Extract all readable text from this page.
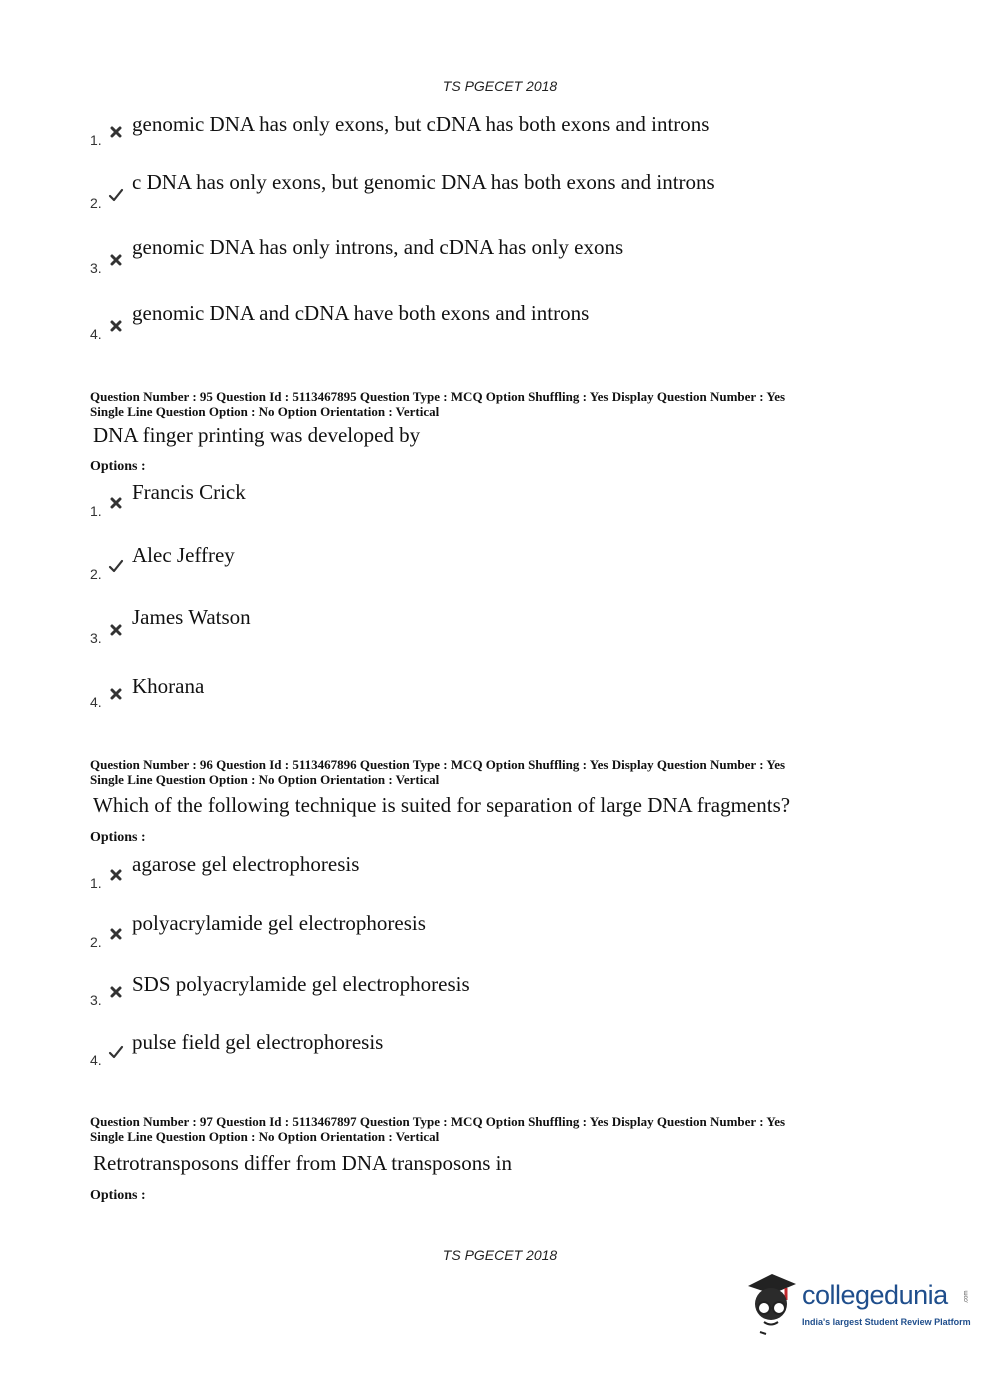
TS PGECET 2018
1.
genomic DNA has only exons, but cDNA has both exons and introns
2.
c DNA has only exons, but genomic DNA has both exons and introns
3.
genomic DNA has only introns, and cDNA has only exons
4.
genomic DNA and cDNA have both exons and introns
Question Number : 95 Question Id : 5113467895 Question Type : MCQ Option Shuffling : Yes Display Question Number : Yes
Single Line Question Option : No Option Orientation : Vertical
DNA finger printing was developed by
Options :
1.
Francis Crick
2.
Alec Jeffrey
3.
James Watson
4.
Khorana
Question Number : 96 Question Id : 5113467896 Question Type : MCQ Option Shuffling : Yes Display Question Number : Yes
Single Line Question Option : No Option Orientation : Vertical
Which of the following technique is suited for separation of large DNA fragments?
Options :
1.
agarose gel electrophoresis
2.
polyacrylamide gel electrophoresis
3.
SDS polyacrylamide gel electrophoresis
4.
pulse field gel electrophoresis
Question Number : 97 Question Id : 5113467897 Question Type : MCQ Option Shuffling : Yes Display Question Number : Yes
Single Line Question Option : No Option Orientation : Vertical
Retrotransposons differ from DNA transposons in
Options :
TS PGECET 2018
collegedunia	.com
India's largest Student Review Platform
